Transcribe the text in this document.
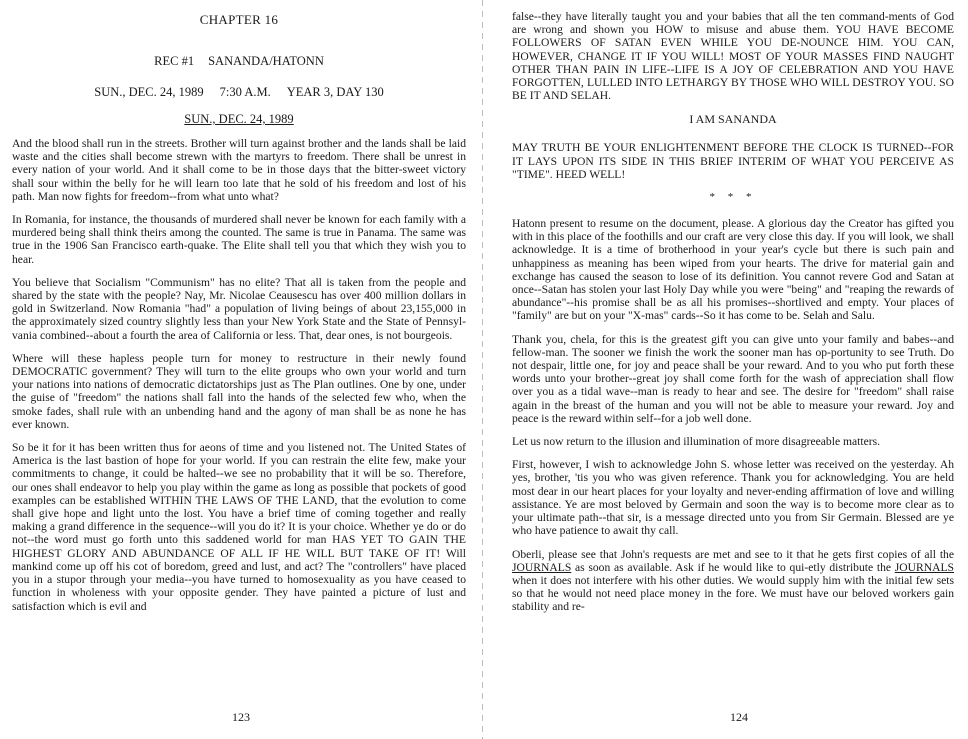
CHAPTER 16
REC #1 SANANDA/HATONN
SUN., DEC. 24, 1989 7:30 A.M. YEAR 3, DAY 130
SUN., DEC. 24, 1989

And the blood shall run in the streets. Brother will turn against brother and the lands shall be laid waste and the cities shall become strewn with the martyrs to freedom. There shall be unrest in every nation of your world. And it shall come to be in those days that the bitter-sweet victory shall sour within the belly for he will learn too late that he sold of his freedom and lost of his path. Man now fights for freedom--from what unto what?

In Romania, for instance, the thousands of murdered shall never be known for each family with a murdered being shall think theirs among the counted. The same is true in Panama. The same was true in the 1906 San Francisco earth-quake. The Elite shall tell you that which they wish you to hear.

You believe that Socialism "Communism" has no elite? That all is taken from the people and shared by the state with the people? Nay, Mr. Nicolae Ceausescu has over 400 million dollars in gold in Switzerland. Now Romania "had" a population of living beings of about 23,155,000 in the approximately sized country slightly less than your New York State and the State of Pennsyl-vania combined--about a fourth the area of California or less. That, dear ones, is not bourgeois.

Where will these hapless people turn for money to restructure in their newly found DEMOCRATIC government? They will turn to the elite groups who own your world and turn your nations into nations of democratic dictatorships just as The Plan outlines. One by one, under the guise of "freedom" the nations shall fall into the hands of the selected few who, when the smoke fades, shall rule with an unbending hand and the agony of man shall be as none he has ever known.

So be it for it has been written thus for aeons of time and you listened not. The United States of America is the last bastion of hope for your world. If you can restrain the elite few, make your commitments to change, it could be halted--we see no probability that it will be so. Therefore, our ones shall endeavor to help you play within the game as long as possible that pockets of good examples can be established WITHIN THE LAWS OF THE LAND, that the evolution to come shall give hope and light unto the lost. You have a brief time of coming together and really making a grand difference in the sequence--will you do it? It is your choice. Whether ye do or do not--the word must go forth unto this saddened world for man HAS YET TO GAIN THE HIGHEST GLORY AND ABUNDANCE OF ALL IF HE WILL BUT TAKE OF IT! Will mankind come up off his cot of boredom, greed and lust, and act? The "controllers" have placed you in a stupor through your media--you have turned to homosexuality as you have ceased to function in wholeness with your opposite gender. They have painted a picture of lust and satisfaction which is evil and

123

false--they have literally taught you and your babies that all the ten command-ments of God are wrong and shown you HOW to misuse and abuse them. YOU HAVE BECOME FOLLOWERS OF SATAN EVEN WHILE YOU DE-NOUNCE HIM. YOU CAN, HOWEVER, CHANGE IT IF YOU WILL! MOST OF YOUR MASSES FIND NAUGHT OTHER THAN PAIN IN LIFE--LIFE IS A JOY OF CELEBRATION AND YOU HAVE FORGOTTEN, LULLED INTO LETHARGY BY THOSE WHO WILL DESTROY YOU. SO BE IT AND SELAH.

I AM SANANDA

MAY TRUTH BE YOUR ENLIGHTENMENT BEFORE THE CLOCK IS TURNED--FOR IT LAYS UPON ITS SIDE IN THIS BRIEF INTERIM OF WHAT YOU PERCEIVE AS "TIME". HEED WELL!

* * *

Hatonn present to resume on the document, please. A glorious day the Creator has gifted you with in this place of the foothills and our craft are very close this day. If you will look, we shall acknowledge. It is a time of brotherhood in your year's cycle but there is such pain and unhappiness as meaning has been wiped from your hearts. The drive for material gain and exchange has caused the season to lose of its definition. You cannot revere God and Satan at once--Satan has stolen your last Holy Day while you were "being" and "reaping the rewards of abundance"--his promise shall be as all his promises--shortlived and empty. Your places of "family" are but on your "X-mas" cards--So it has come to be. Selah and Salu.

Thank you, chela, for this is the greatest gift you can give unto your family and babes--and fellow-man. The sooner we finish the work the sooner man has op-portunity to see Truth. Do not despair, little one, for joy and peace shall be your reward. And to you who put forth these words unto your brother--great joy shall come forth for the wash of appreciation shall flow over you as a tidal wave--man is ready to hear and see. The desire for "freedom" shall raise again in the breast of the human and you will not be able to measure your reward. Joy and peace is the reward within self--for a job well done.

Let us now return to the illusion and illumination of more disagreeable matters.

First, however, I wish to acknowledge John S. whose letter was received on the yesterday. Ah yes, brother, 'tis you who was given reference. Thank you for acknowledging. You are held most dear in our heart places for your loyalty and never-ending affirmation of love and willing assistance. Ye are most beloved by Germain and soon the way is to become more clear as to your ultimate path--that sir, is a message directed unto you from Sir Germain. Blessed are ye who have patience to await thy call.

Oberli, please see that John's requests are met and see to it that he gets first copies of all the JOURNALS as soon as available. Ask if he would like to qui-etly distribute the JOURNALS when it does not interfere with his other duties. We would supply him with the initial few sets so that he would not need place money in the fore. We must have our beloved workers gain stability and re-

124
